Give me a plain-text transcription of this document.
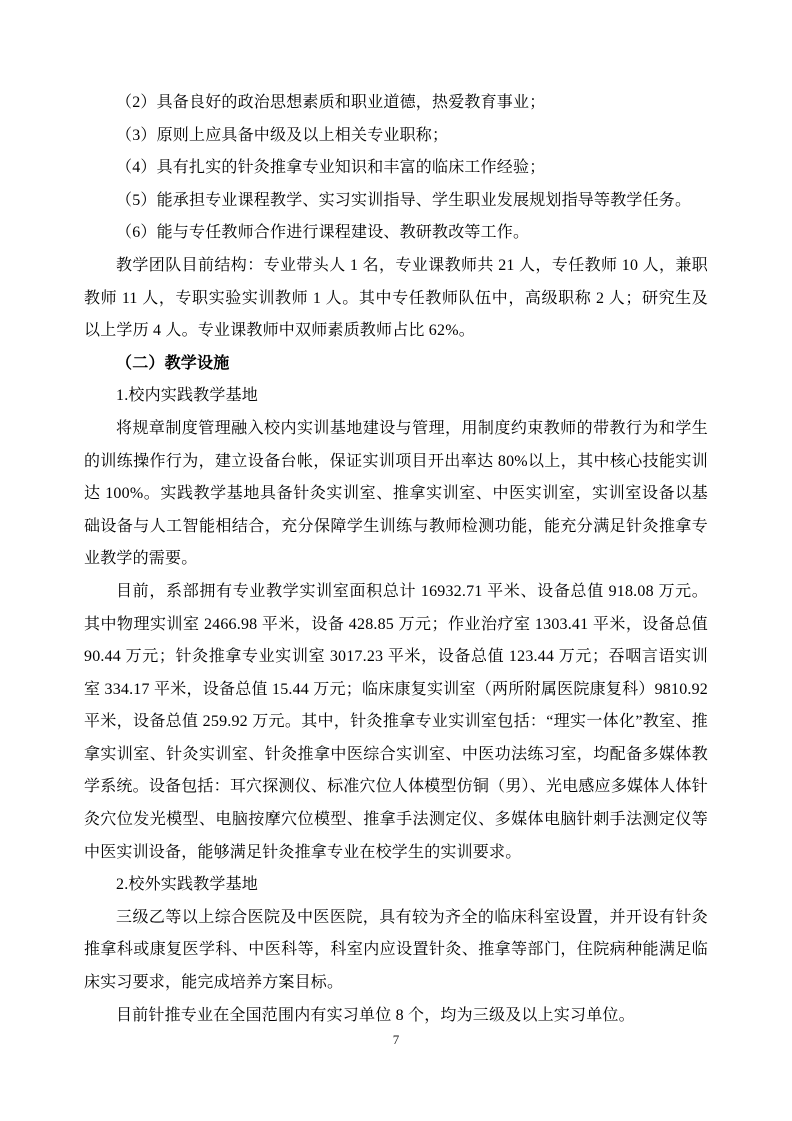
（2）具备良好的政治思想素质和职业道德，热爱教育事业；

（3）原则上应具备中级及以上相关专业职称；

（4）具有扎实的针灸推拿专业知识和丰富的临床工作经验；

（5）能承担专业课程教学、实习实训指导、学生职业发展规划指导等教学任务。

（6）能与专任教师合作进行课程建设、教研教改等工作。

教学团队目前结构：专业带头人 1 名，专业课教师共 21 人，专任教师 10 人，兼职教师 11 人，专职实验实训教师 1 人。其中专任教师队伍中，高级职称 2 人；研究生及以上学历 4 人。专业课教师中双师素质教师占比 62%。

（二）教学设施

1.校内实践教学基地

将规章制度管理融入校内实训基地建设与管理，用制度约束教师的带教行为和学生的训练操作行为，建立设备台帐，保证实训项目开出率达 80%以上，其中核心技能实训达 100%。实践教学基地具备针灸实训室、推拿实训室、中医实训室，实训室设备以基础设备与人工智能相结合，充分保障学生训练与教师检测功能，能充分满足针灸推拿专业教学的需要。

目前，系部拥有专业教学实训室面积总计 16932.71 平米、设备总值 918.08 万元。其中物理实训室 2466.98 平米，设备 428.85 万元；作业治疗室 1303.41 平米，设备总值 90.44 万元；针灸推拿专业实训室 3017.23 平米，设备总值 123.44 万元；吞咽言语实训室 334.17 平米，设备总值 15.44 万元；临床康复实训室（两所附属医院康复科）9810.92 平米，设备总值 259.92 万元。其中，针灸推拿专业实训室包括：“理实一体化”教室、推拿实训室、针灸实训室、针灸推拿中医综合实训室、中医功法练习室，均配备多媒体教学系统。设备包括：耳穴探测仪、标准穴位人体模型仿铜（男）、光电感应多媒体人体针灸穴位发光模型、电脑按摩穴位模型、推拿手法测定仪、多媒体电脑针刺手法测定仪等中医实训设备，能够满足针灸推拿专业在校学生的实训要求。

2.校外实践教学基地

三级乙等以上综合医院及中医医院，具有较为齐全的临床科室设置，并开设有针灸推拿科或康复医学科、中医科等，科室内应设置针灸、推拿等部门，住院病种能满足临床实习要求，能完成培养方案目标。

目前针推专业在全国范围内有实习单位 8 个，均为三级及以上实习单位。

7
